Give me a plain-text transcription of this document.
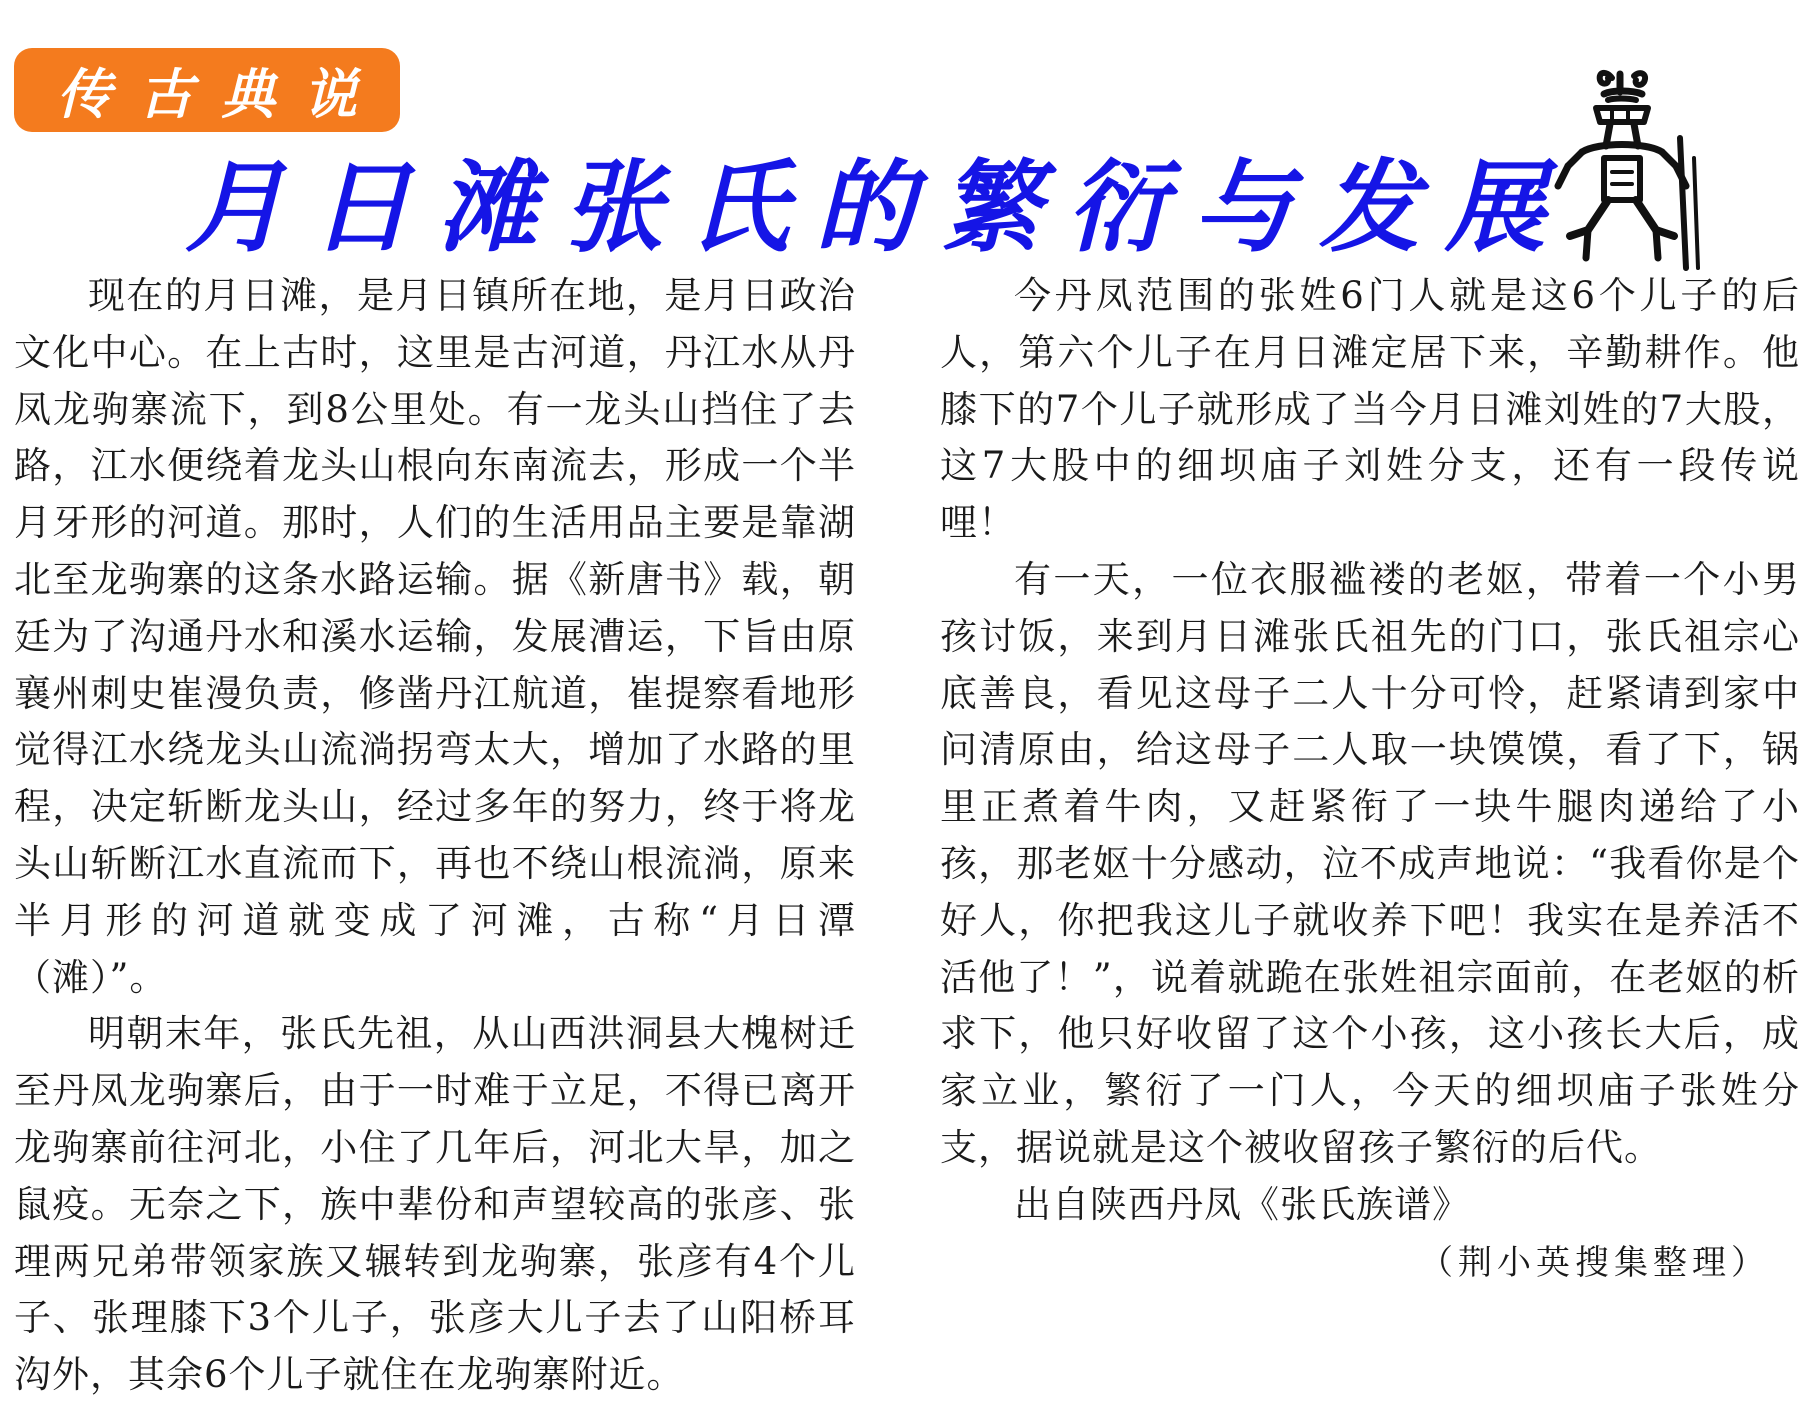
传古典说
月日滩张氏的繁衍与发展

现在的月日滩，是月日镇所在地，是月日政治文化中心。在上古时，这里是古河道，丹江水从丹凤龙驹寨流下，到8公里处。有一龙头山挡住了去路，江水便绕着龙头山根向东南流去，形成一个半月牙形的河道。那时，人们的生活用品主要是靠湖北至龙驹寨的这条水路运输。据《新唐书》载，朝廷为了沟通丹水和溪水运输，发展漕运，下旨由原襄州刺史崔漫负责，修凿丹江航道，崔提察看地形觉得江水绕龙头山流淌拐弯太大，增加了水路的里程，决定斩断龙头山，经过多年的努力，终于将龙头山斩断江水直流而下，再也不绕山根流淌，原来半月形的河道就变成了河滩，古称“月日潭（滩）”。

明朝末年，张氏先祖，从山西洪洞县大槐树迁至丹凤龙驹寨后，由于一时难于立足，不得已离开龙驹寨前往河北，小住了几年后，河北大旱，加之鼠疫。无奈之下，族中辈份和声望较高的张彦、张理两兄弟带领家族又辗转到龙驹寨，张彦有4个儿子、张理膝下3个儿子，张彦大儿子去了山阳桥耳沟外，其余6个儿子就住在龙驹寨附近。

今丹凤范围的张姓6门人就是这6个儿子的后人，第六个儿子在月日滩定居下来，辛勤耕作。他膝下的7个儿子就形成了当今月日滩刘姓的7大股，这7大股中的细坝庙子刘姓分支，还有一段传说哩！

有一天，一位衣服褴褛的老妪，带着一个小男孩讨饭，来到月日滩张氏祖先的门口，张氏祖宗心底善良，看见这母子二人十分可怜，赶紧请到家中问清原由，给这母子二人取一块馍馍，看了下，锅里正煮着牛肉，又赶紧衔了一块牛腿肉递给了小孩，那老妪十分感动，泣不成声地说：“我看你是个好人，你把我这儿子就收养下吧！我实在是养活不活他了！”，说着就跪在张姓祖宗面前，在老妪的析求下，他只好收留了这个小孩，这小孩长大后，成家立业，繁衍了一门人，今天的细坝庙子张姓分支，据说就是这个被收留孩子繁衍的后代。

出自陕西丹凤《张氏族谱》

（荆小英搜集整理）
